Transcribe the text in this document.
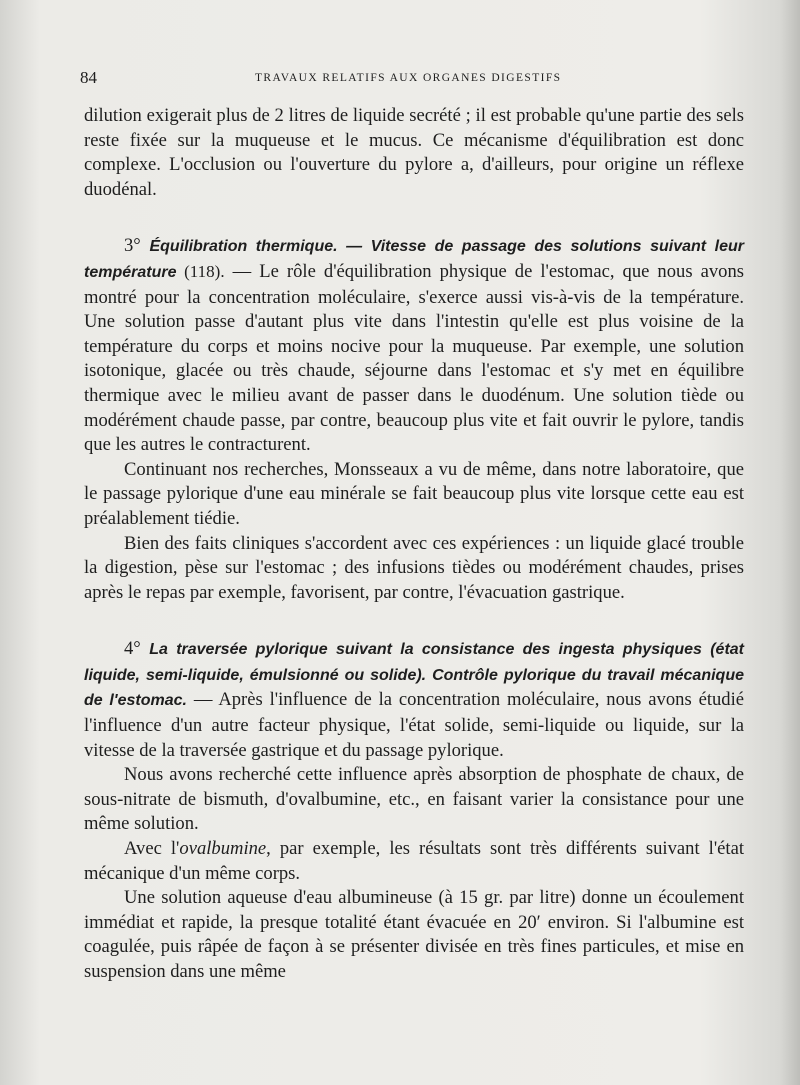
84	TRAVAUX RELATIFS AUX ORGANES DIGESTIFS

dilution exigerait plus de 2 litres de liquide secrété ; il est probable qu'une partie des sels reste fixée sur la muqueuse et le mucus. Ce mécanisme d'équilibration est donc complexe. L'occlusion ou l'ouverture du pylore a, d'ailleurs, pour origine un réflexe duodénal.

3° Équilibration thermique. — Vitesse de passage des solutions suivant leur température (118). — Le rôle d'équilibration physique de l'estomac, que nous avons montré pour la concentration moléculaire, s'exerce aussi vis-à-vis de la température. Une solution passe d'autant plus vite dans l'intestin qu'elle est plus voisine de la température du corps et moins nocive pour la muqueuse. Par exemple, une solution isotonique, glacée ou très chaude, séjourne dans l'estomac et s'y met en équilibre thermique avec le milieu avant de passer dans le duodénum. Une solution tiède ou modérément chaude passe, par contre, beaucoup plus vite et fait ouvrir le pylore, tandis que les autres le contracturent.

Continuant nos recherches, Monsseaux a vu de même, dans notre laboratoire, que le passage pylorique d'une eau minérale se fait beaucoup plus vite lorsque cette eau est préalablement tiédie.

Bien des faits cliniques s'accordent avec ces expériences : un liquide glacé trouble la digestion, pèse sur l'estomac ; des infusions tièdes ou modérément chaudes, prises après le repas par exemple, favorisent, par contre, l'évacuation gastrique.

4° La traversée pylorique suivant la consistance des ingesta physiques (état liquide, semi-liquide, émulsionné ou solide). Contrôle pylorique du travail mécanique de l'estomac. — Après l'influence de la concentration moléculaire, nous avons étudié l'influence d'un autre facteur physique, l'état solide, semi-liquide ou liquide, sur la vitesse de la traversée gastrique et du passage pylorique.

Nous avons recherché cette influence après absorption de phosphate de chaux, de sous-nitrate de bismuth, d'ovalbumine, etc., en faisant varier la consistance pour une même solution.

Avec l'ovalbumine, par exemple, les résultats sont très différents suivant l'état mécanique d'un même corps.

Une solution aqueuse d'eau albumineuse (à 15 gr. par litre) donne un écoulement immédiat et rapide, la presque totalité étant évacuée en 20′ environ. Si l'albumine est coagulée, puis râpée de façon à se présenter divisée en très fines particules, et mise en suspension dans une même
